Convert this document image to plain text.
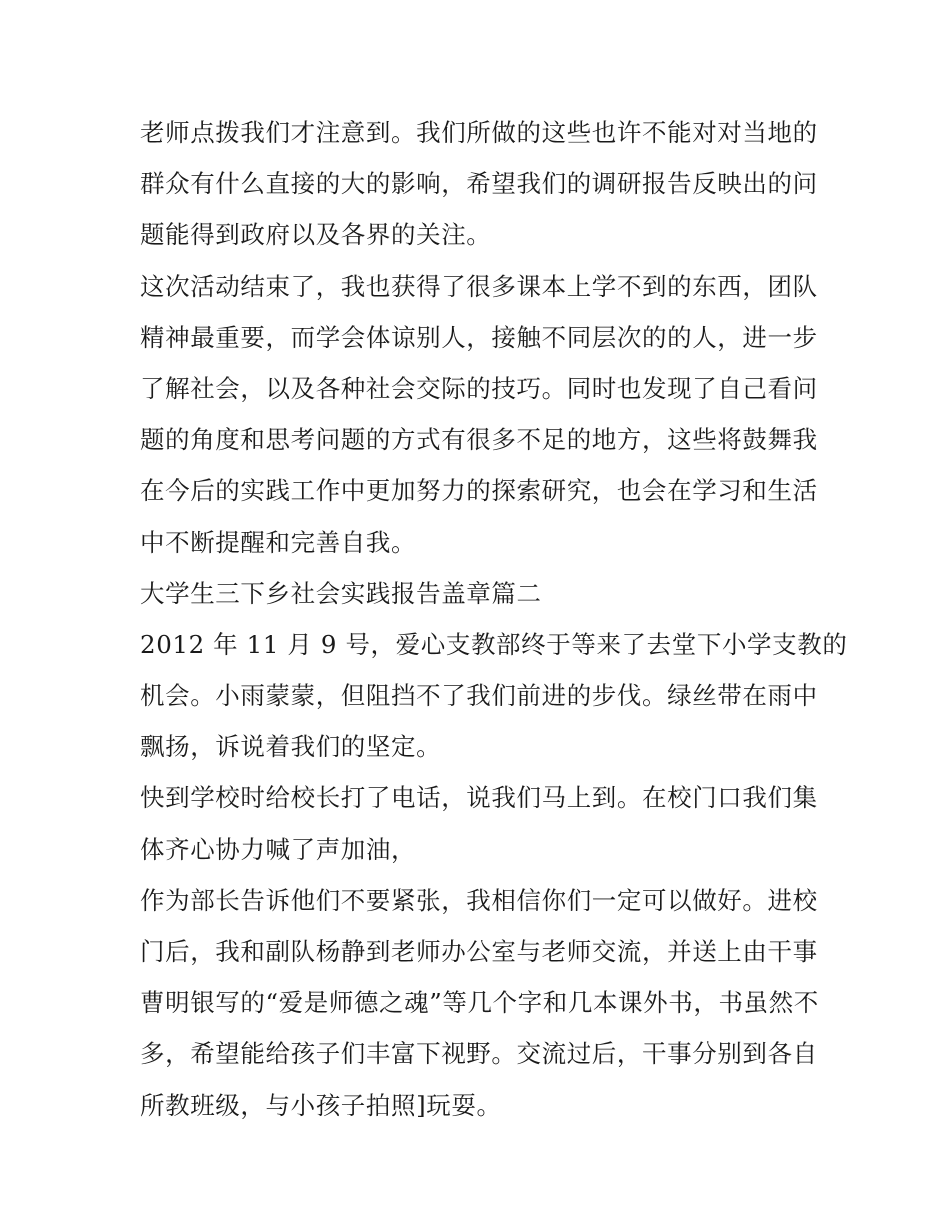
老师点拨我们才注意到。我们所做的这些也许不能对对当地的
群众有什么直接的大的影响，希望我们的调研报告反映出的问
题能得到政府以及各界的关注。
这次活动结束了，我也获得了很多课本上学不到的东西，团队
精神最重要，而学会体谅别人，接触不同层次的的人，进一步
了解社会，以及各种社会交际的技巧。同时也发现了自己看问
题的角度和思考问题的方式有很多不足的地方，这些将鼓舞我
在今后的实践工作中更加努力的探索研究，也会在学习和生活
中不断提醒和完善自我。
大学生三下乡社会实践报告盖章篇二
2012 年 11 月 9 号，爱心支教部终于等来了去堂下小学支教的
机会。小雨蒙蒙，但阻挡不了我们前进的步伐。绿丝带在雨中
飘扬，诉说着我们的坚定。
快到学校时给校长打了电话，说我们马上到。在校门口我们集
体齐心协力喊了声加油，
作为部长告诉他们不要紧张，我相信你们一定可以做好。进校
门后，我和副队杨静到老师办公室与老师交流，并送上由干事
曹明银写的“爱是师德之魂”等几个字和几本课外书，书虽然不
多，希望能给孩子们丰富下视野。交流过后，干事分别到各自
所教班级，与小孩子拍照]玩耍。
